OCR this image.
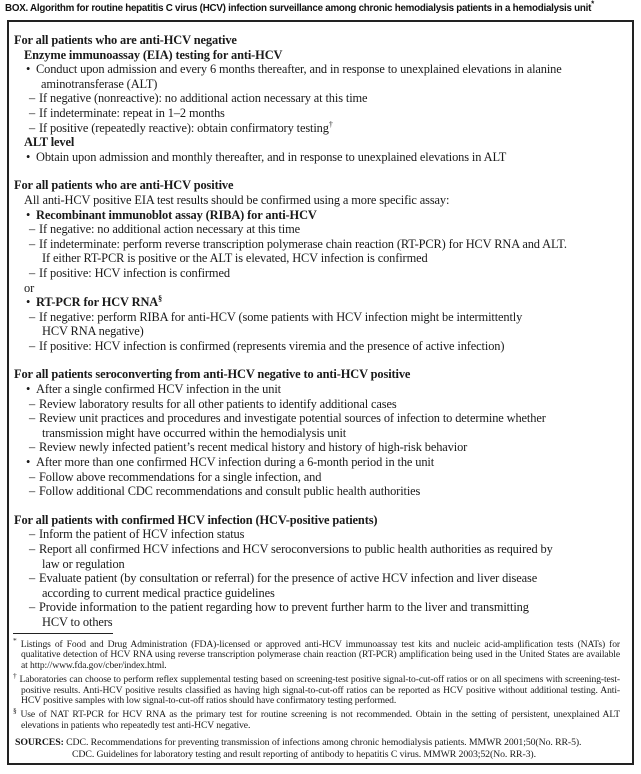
BOX. Algorithm for routine hepatitis C virus (HCV) infection surveillance among chronic hemodialysis patients in a hemodialysis unit*
For all patients who are anti-HCV negative
Enzyme immunoassay (EIA) testing for anti-HCV
• Conduct upon admission and every 6 months thereafter, and in response to unexplained elevations in alanine
aminotransferase (ALT)
– If negative (nonreactive): no additional action necessary at this time
– If indeterminate: repeat in 1–2 months
– If positive (repeatedly reactive): obtain confirmatory testing†
ALT level
• Obtain upon admission and monthly thereafter, and in response to unexplained elevations in ALT
For all patients who are anti-HCV positive
All anti-HCV positive EIA test results should be confirmed using a more specific assay:
• Recombinant immunoblot assay (RIBA) for anti-HCV
– If negative: no additional action necessary at this time
– If indeterminate: perform reverse transcription polymerase chain reaction (RT-PCR) for HCV RNA and ALT.
If either RT-PCR is positive or the ALT is elevated, HCV infection is confirmed
– If positive: HCV infection is confirmed
or
• RT-PCR for HCV RNA§
– If negative: perform RIBA for anti-HCV (some patients with HCV infection might be intermittently
HCV RNA negative)
– If positive: HCV infection is confirmed (represents viremia and the presence of active infection)
For all patients seroconverting from anti-HCV negative to anti-HCV positive
• After a single confirmed HCV infection in the unit
– Review laboratory results for all other patients to identify additional cases
– Review unit practices and procedures and investigate potential sources of infection to determine whether
transmission might have occurred within the hemodialysis unit
– Review newly infected patient’s recent medical history and history of high-risk behavior
• After more than one confirmed HCV infection during a 6-month period in the unit
– Follow above recommendations for a single infection, and
– Follow additional CDC recommendations and consult public health authorities
For all patients with confirmed HCV infection (HCV-positive patients)
– Inform the patient of HCV infection status
– Report all confirmed HCV infections and HCV seroconversions to public health authorities as required by
law or regulation
– Evaluate patient (by consultation or referral) for the presence of active HCV infection and liver disease
according to current medical practice guidelines
– Provide information to the patient regarding how to prevent further harm to the liver and transmitting
HCV to others
* Listings of Food and Drug Administration (FDA)-licensed or approved anti-HCV immunoassay test kits and nucleic acid-amplification tests (NATs) for qualitative detection of HCV RNA using reverse transcription polymerase chain reaction (RT-PCR) amplification being used in the United States are available at http://www.fda.gov/cber/index.html.
† Laboratories can choose to perform reflex supplemental testing based on screening-test positive signal-to-cut-off ratios or on all specimens with screening-test-positive results. Anti-HCV positive results classified as having high signal-to-cut-off ratios can be reported as HCV positive without additional testing. Anti-HCV positive samples with low signal-to-cut-off ratios should have confirmatory testing performed.
§ Use of NAT RT-PCR for HCV RNA as the primary test for routine screening is not recommended. Obtain in the setting of persistent, unexplained ALT elevations in patients who repeatedly test anti-HCV negative.
SOURCES: CDC. Recommendations for preventing transmission of infections among chronic hemodialysis patients. MMWR 2001;50(No. RR-5).
CDC. Guidelines for laboratory testing and result reporting of antibody to hepatitis C virus. MMWR 2003;52(No. RR-3).
